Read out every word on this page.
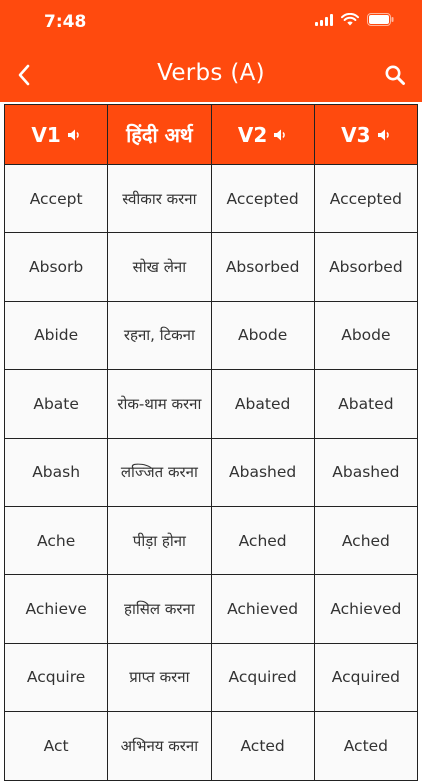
7:48
Verbs (A)
V1	हिंदी अर्थ	V2	V3

Accept	स्वीकार करना	Accepted	Accepted
Absorb	सोख लेना	Absorbed	Absorbed
Abide	रहना, टिकना	Abode	Abode
Abate	रोक-थाम करना	Abated	Abated
Abash	लज्जित करना	Abashed	Abashed
Ache	पीड़ा होना	Ached	Ached
Achieve	हासिल करना	Achieved	Achieved
Acquire	प्राप्त करना	Acquired	Acquired
Act	अभिनय करना	Acted	Acted
